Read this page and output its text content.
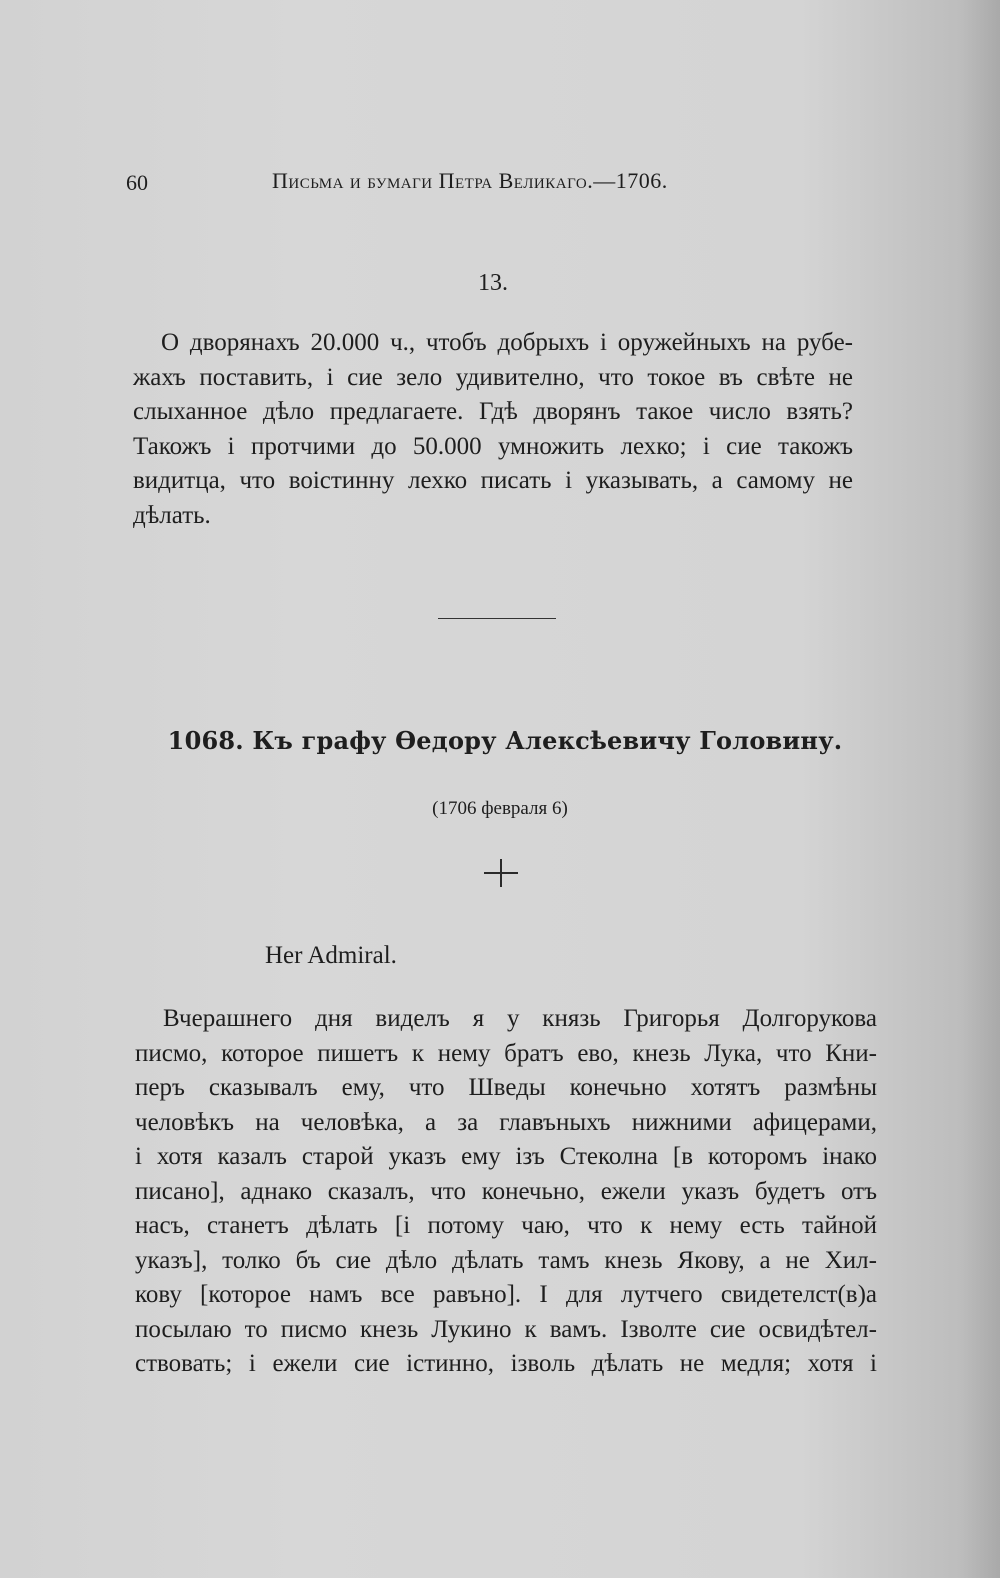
60	Письма и бумаги Петра Великаго.—1706.
13.
О дворянахъ 20.000 ч., чтобъ добрыхъ і оружейныхъ на рубе-
жахъ поставить, і сие зело удивително, что токое въ свѣте не
слыханное дѣло предлагаете. Гдѣ дворянъ такое число взять?
Такожъ і протчими до 50.000 умножить лехко; і сие такожъ
видитца, что воістинну лехко писать і указывать, а самому не
дѣлать.
1068. Къ графу Өедору Алексѣевичу Головину.
(1706 февраля 6)
Her Admiral.
Вчерашнего дня виделъ я у князь Григорья Долгорукова
писмо, которое пишетъ к нему братъ ево, кнезь Лука, что Кни-
перъ сказывалъ ему, что Шведы конечьно хотятъ размѣны
человѣкъ на человѣка, а за главъныхъ нижними афицерами,
і хотя казалъ старой указъ ему ізъ Стеколна [в которомъ інако
писано], аднако сказалъ, что конечьно, ежели указъ будетъ отъ
насъ, станетъ дѣлать [і потому чаю, что к нему есть тайной
указъ], толко бъ сие дѣло дѣлать тамъ кнезь Якову, а не Хил-
кову [которое намъ все равъно]. І для лутчего свидетелст(в)а
посылаю то писмо кнезь Лукино к вамъ. Ізволте сие освидѣтел-
ствовать; і ежели сие істинно, ізволь дѣлать не медля; хотя і
